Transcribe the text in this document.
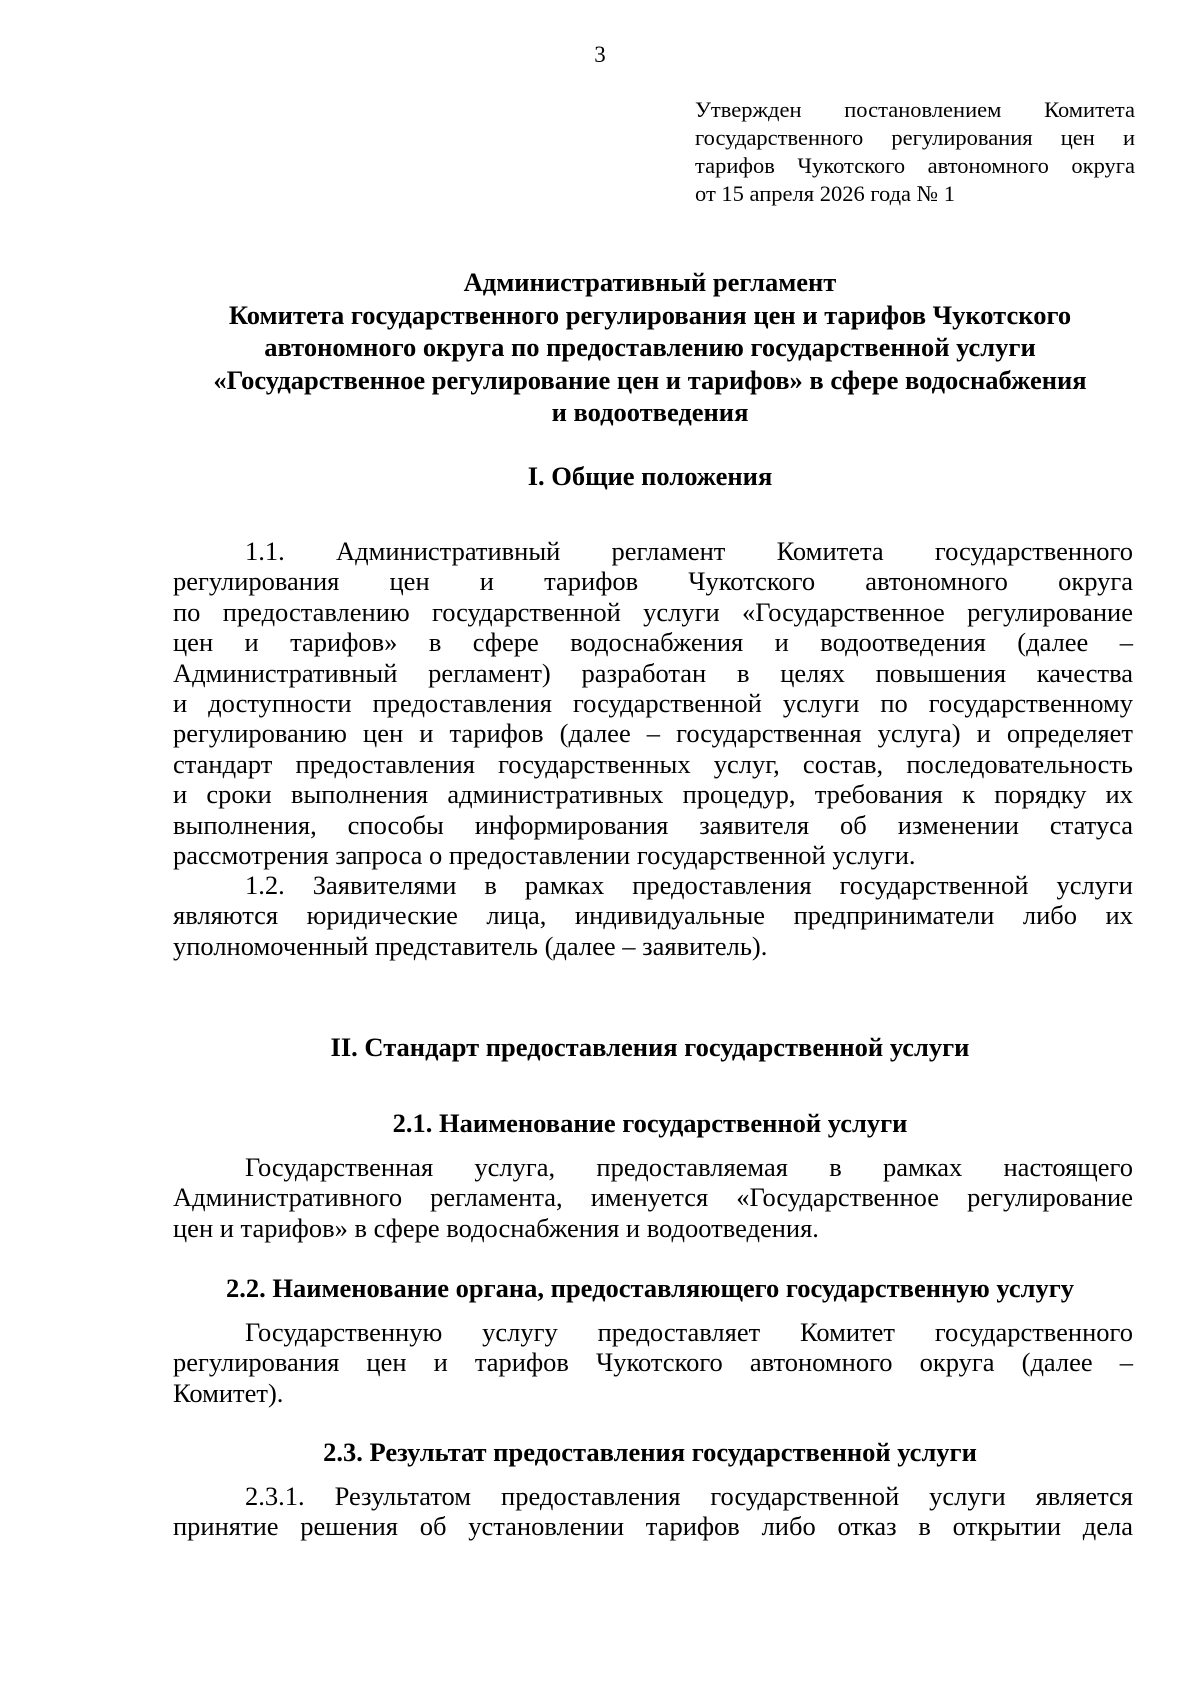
3
Утвержден постановлением Комитета
государственного регулирования цен и
тарифов Чукотского автономного округа
от 15 апреля 2026 года № 1
Административный регламент
Комитета государственного регулирования цен и тарифов Чукотского
автономного округа по предоставлению государственной услуги
«Государственное регулирование цен и тарифов» в сфере водоснабжения
и водоотведения
I. Общие положения
1.1. Административный регламент Комитета государственного
регулирования цен и тарифов Чукотского автономного округа
по предоставлению государственной услуги «Государственное регулирование
цен и тарифов» в сфере водоснабжения и водоотведения (далее –
Административный регламент) разработан в целях повышения качества
и доступности предоставления государственной услуги по государственному
регулированию цен и тарифов (далее – государственная услуга) и определяет
стандарт предоставления государственных услуг, состав, последовательность
и сроки выполнения административных процедур, требования к порядку их
выполнения, способы информирования заявителя об изменении статуса
рассмотрения запроса о предоставлении государственной услуги.
1.2. Заявителями в рамках предоставления государственной услуги
являются юридические лица, индивидуальные предприниматели либо их
уполномоченный представитель (далее – заявитель).
II. Стандарт предоставления государственной услуги
2.1. Наименование государственной услуги
Государственная услуга, предоставляемая в рамках настоящего
Административного регламента, именуется «Государственное регулирование
цен и тарифов» в сфере водоснабжения и водоотведения.
2.2. Наименование органа, предоставляющего государственную услугу
Государственную услугу предоставляет Комитет государственного
регулирования цен и тарифов Чукотского автономного округа (далее –
Комитет).
2.3. Результат предоставления государственной услуги
2.3.1. Результатом предоставления государственной услуги является
принятие решения об установлении тарифов либо отказ в открытии дела
